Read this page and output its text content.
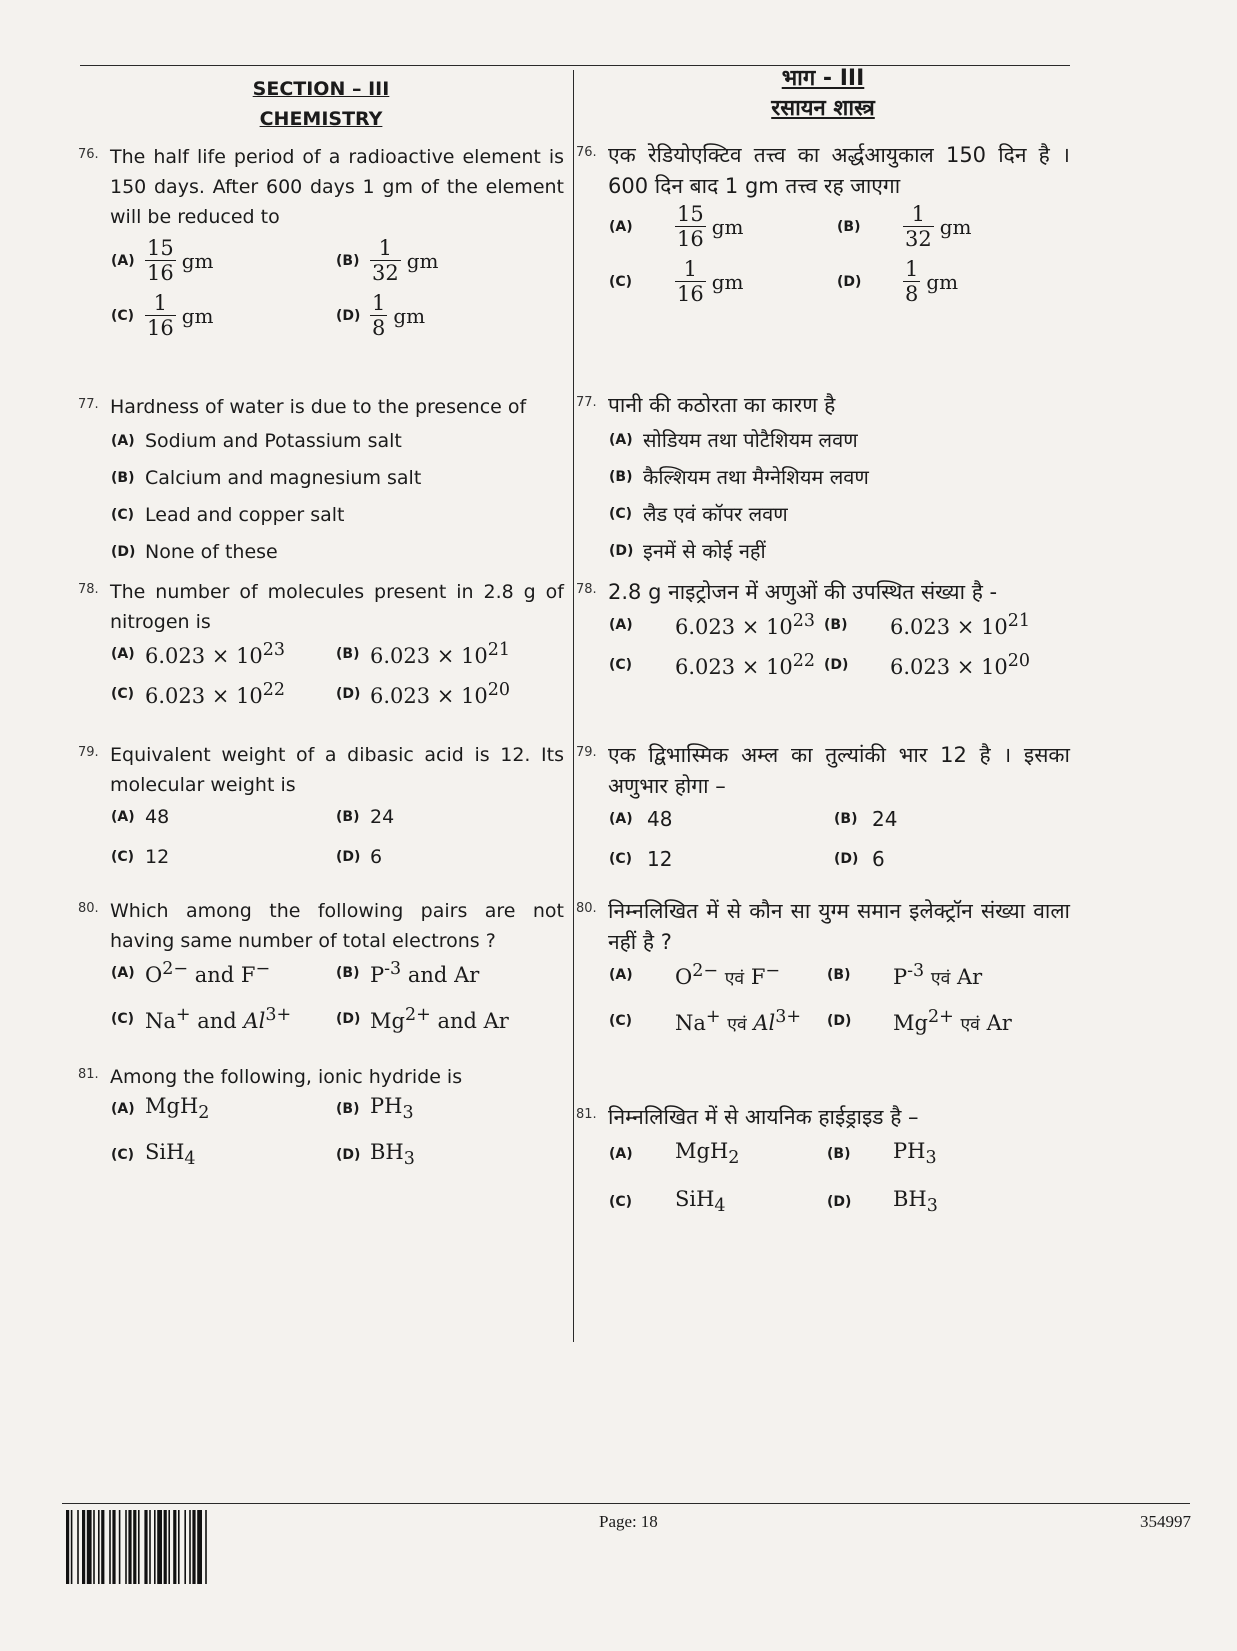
SECTION – III
CHEMISTRY
76. The half life period of a radioactive element is 150 days. After 600 days 1 gm of the element will be reduced to
$(A) \frac{15}{16}$ gm	$(B) \frac{1}{32}$ gm
$(C) \frac{1}{16}$ gm	$(D) \frac{1}{8}$ gm
77. Hardness of water is due to the presence of
(A) Sodium and Potassium salt
(B) Calcium and magnesium salt
(C) Lead and copper salt
(D) None of these
78. The number of molecules present in 2.8 g of nitrogen is
(A) $6.023 \times 10^{23}$	(B) $6.023 \times 10^{21}$
(C) $6.023 \times 10^{22}$	(D) $6.023 \times 10^{20}$
79. Equivalent weight of a dibasic acid is 12. Its molecular weight is
(A) 48	(B) 24
(C) 12	(D) 6
80. Which among the following pairs are not having same number of total electrons ?
(A) $O^{2-}$ and F−	(B) $P^{-3}$ and Ar
(C) Na+ and $Al^{3+}$	(D) $Mg^{2+}$ and Ar
81. Among the following, ionic hydride is
(A) MgH$_2$	(B) $PH_3$
(C) SiH$_4$	(D) $BH_3$
भाग - III
रसायन शास्त्र
76. एक रेडियोएक्टिव तत्त्व का अर्द्धआयुकाल 150 दिन है । 600 दिन बाद 1 gm तत्त्व रह जाएगा
(A)	$\frac{15}{16}$ gm	(B)	$\frac{1}{32}$ gm
(C)	$\frac{1}{16}$ gm	(D)	$\frac{1}{8}$ gm
77. पानी की कठोरता का कारण है
(A) सोडियम तथा पोटैशियम लवण
(B) कैल्शियम तथा मैग्नेशियम लवण
(C) लैड एवं कॉपर लवण
(D) इनमें से कोई नहीं
78. 2.8 g नाइट्रोजन में अणुओं की उपस्थित संख्या है -
(A)	$6.023 \times 10^{23}$ (B)	$6.023 \times 10^{21}$
(C)	$6.023 \times 10^{22}$ (D)	$6.023 \times 10^{20}$
79. एक द्विभास्मिक अम्ल का तुल्यांकी भार 12 है । इसका अणुभार होगा –
(A) 48	(B) 24
(C) 12	(D) 6
80. निम्नलिखित में से कौन सा युग्म समान इलेक्ट्रॉन संख्या वाला नहीं है ?
(A)	$O^{2-}$ एवं F−	(B)	$P^{-3}$ एवं Ar
(C)	Na+ एवं $Al^{3+}$ (D)	$Mg^{2+}$ एवं Ar
81. निम्नलिखित में से आयनिक हाईड्राइड है –
(A)	MgH$_2$	(B)	$PH_3$
(C)	SiH$_4$	(D)	$BH_3$
Page: 18	354997
